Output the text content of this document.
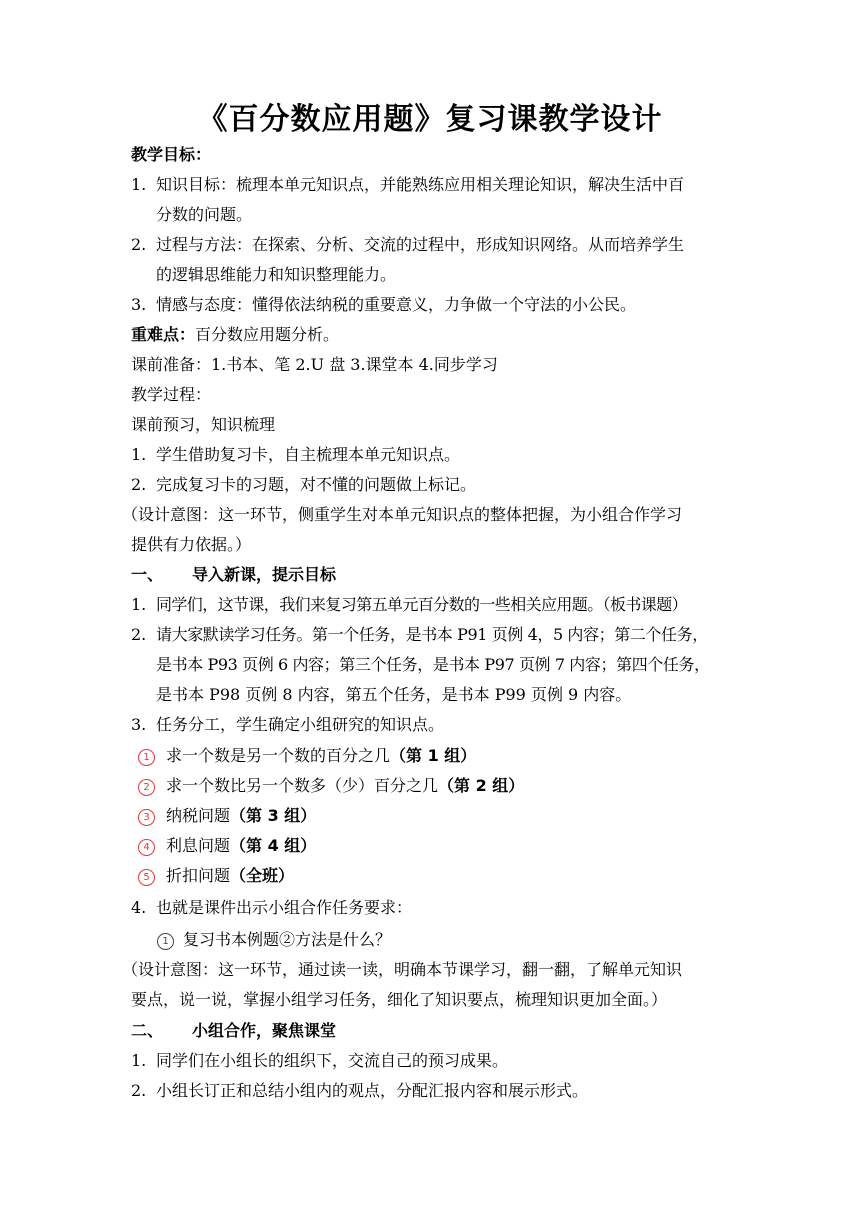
《百分数应用题》复习课教学设计
教学目标：
1. 知识目标：梳理本单元知识点，并能熟练应用相关理论知识，解决生活中百
分数的问题。
2. 过程与方法：在探索、分析、交流的过程中，形成知识网络。从而培养学生
的逻辑思维能力和知识整理能力。
3. 情感与态度：懂得依法纳税的重要意义，力争做一个守法的小公民。
重难点：百分数应用题分析。
课前准备：1.书本、笔 2.U 盘 3.课堂本 4.同步学习
教学过程：
课前预习，知识梳理
1. 学生借助复习卡，自主梳理本单元知识点。
2. 完成复习卡的习题，对不懂的问题做上标记。
（设计意图：这一环节，侧重学生对本单元知识点的整体把握，为小组合作学习
提供有力依据。）
一、 导入新课，提示目标
1. 同学们，这节课，我们来复习第五单元百分数的一些相关应用题。（板书课题）
2. 请大家默读学习任务。第一个任务，是书本 P91 页例 4，5 内容；第二个任务，
是书本 P93 页例 6 内容；第三个任务，是书本 P97 页例 7 内容；第四个任务，
是书本 P98 页例 8 内容，第五个任务，是书本 P99 页例 9 内容。
3. 任务分工，学生确定小组研究的知识点。
1	求一个数是另一个数的百分之几（第 1 组）
2	求一个数比另一个数多（少）百分之几（第 2 组）
3	纳税问题（第 3 组）
4	利息问题（第 4 组）
5	折扣问题（全班）
4. 也就是课件出示小组合作任务要求：
1 复习书本例题②方法是什么？
（设计意图：这一环节，通过读一读，明确本节课学习，翻一翻，了解单元知识
要点，说一说，掌握小组学习任务，细化了知识要点，梳理知识更加全面。）
二、 小组合作，聚焦课堂
1. 同学们在小组长的组织下，交流自己的预习成果。
2. 小组长订正和总结小组内的观点，分配汇报内容和展示形式。
